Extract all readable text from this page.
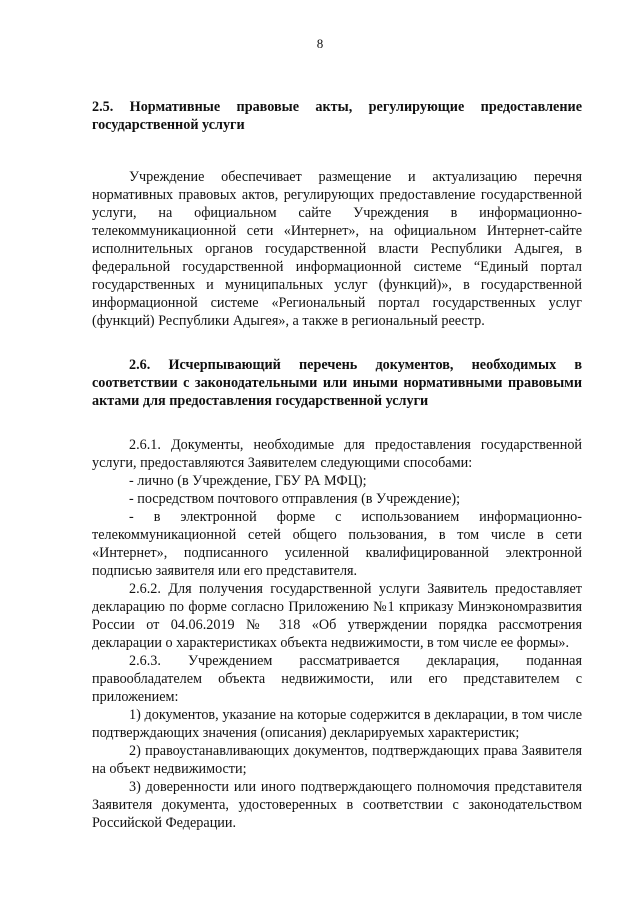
8

2.5. Нормативные правовые акты, регулирующие предоставление государственной услуги

Учреждение обеспечивает размещение и актуализацию перечня нормативных правовых актов, регулирующих предоставление государственной услуги, на официальном сайте Учреждения в информационно-телекоммуникационной сети «Интернет», на официальном Интернет-сайте исполнительных органов государственной власти Республики Адыгея, в федеральной государственной информационной системе “Единый портал государственных и муниципальных услуг (функций)», в государственной информационной системе «Региональный портал государственных услуг (функций) Республики Адыгея», а также в региональный реестр.

2.6. Исчерпывающий перечень документов, необходимых в соответствии с законодательными или иными нормативными правовыми актами для предоставления государственной услуги

2.6.1. Документы, необходимые для предоставления государственной услуги, предоставляются Заявителем следующими способами:

- лично (в Учреждение, ГБУ РА МФЦ);

- посредством почтового отправления (в Учреждение);

- в электронной форме с использованием информационно-телекоммуникационной сетей общего пользования, в том числе в сети «Интернет», подписанного усиленной квалифицированной электронной подписью заявителя или его представителя.

2.6.2. Для получения государственной услуги Заявитель предоставляет декларацию по форме согласно Приложению №1 кприказу Минэкономразвития России от 04.06.2019 № 318 «Об утверждении порядка рассмотрения декларации о характеристиках объекта недвижимости, в том числе ее формы».

2.6.3. Учреждением рассматривается декларация, поданная правообладателем объекта недвижимости, или его представителем с приложением:

1) документов, указание на которые содержится в декларации, в том числе подтверждающих значения (описания) декларируемых характеристик;

2) правоустанавливающих документов, подтверждающих права Заявителя на объект недвижимости;

3) доверенности или иного подтверждающего полномочия представителя Заявителя документа, удостоверенных в соответствии с законодательством Российской Федерации.
